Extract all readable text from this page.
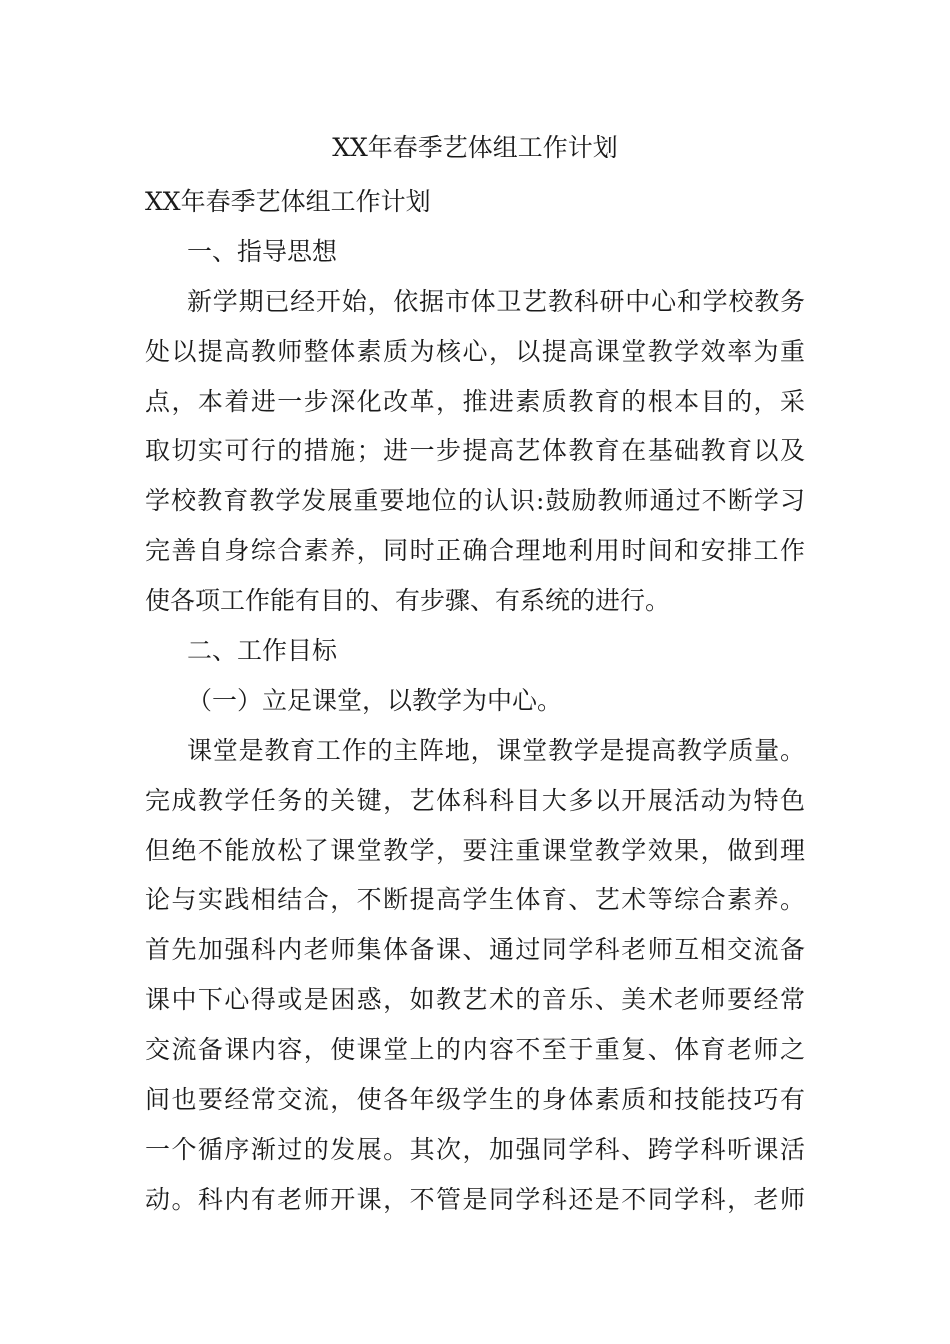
XX年春季艺体组工作计划
XX年春季艺体组工作计划
一、指导思想
新学期已经开始，依据市体卫艺教科研中心和学校教务
处以提高教师整体素质为核心，以提高课堂教学效率为重
点，本着进一步深化改革，推进素质教育的根本目的，采
取切实可行的措施；进一步提高艺体教育在基础教育以及
学校教育教学发展重要地位的认识:鼓励教师通过不断学习
完善自身综合素养，同时正确合理地利用时间和安排工作
使各项工作能有目的、有步骤、有系统的进行。
二、工作目标
（一）立足课堂，以教学为中心。
课堂是教育工作的主阵地，课堂教学是提高教学质量。
完成教学任务的关键，艺体科科目大多以开展活动为特色
但绝不能放松了课堂教学，要注重课堂教学效果，做到理
论与实践相结合，不断提高学生体育、艺术等综合素养。
首先加强科内老师集体备课、通过同学科老师互相交流备
课中下心得或是困惑，如教艺术的音乐、美术老师要经常
交流备课内容，使课堂上的内容不至于重复、体育老师之
间也要经常交流，使各年级学生的身体素质和技能技巧有
一个循序渐过的发展。其次，加强同学科、跨学科听课活
动。科内有老师开课，不管是同学科还是不同学科，老师
